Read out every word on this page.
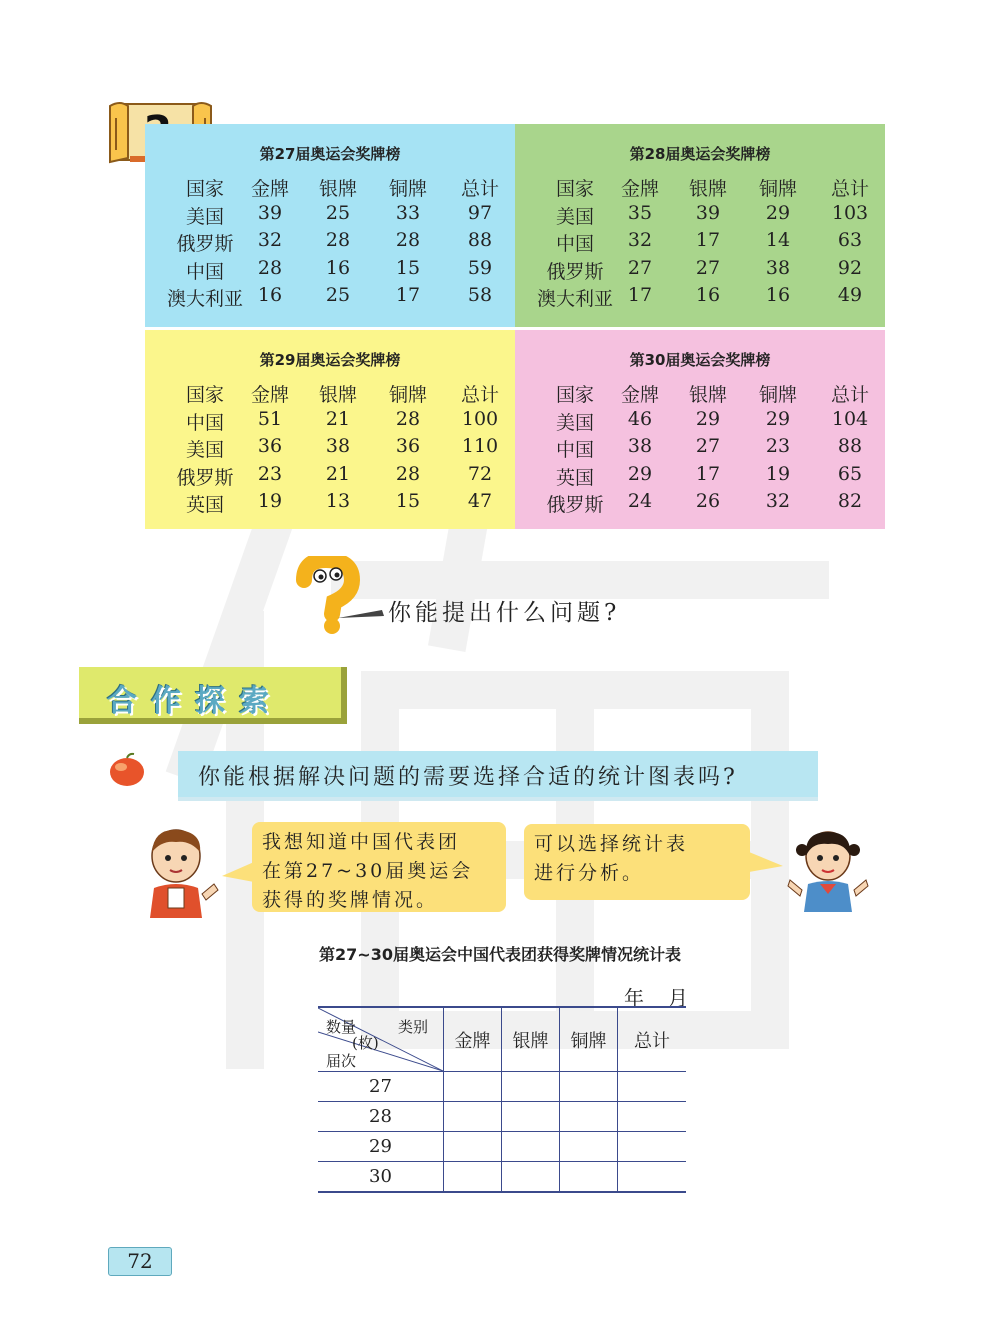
第27届奥运会奖牌榜
国家	金牌	银牌	铜牌	总计
美国	39	25	33	97
俄罗斯	32	28	28	88
中国	28	16	15	59
澳大利亚 16	25	17	58
第28届奥运会奖牌榜
国家	金牌	银牌	铜牌	总计
美国	35	39	29	103
中国	32	17	14	63
俄罗斯	27	27	38	92
澳大利亚 17	16	16	49
第29届奥运会奖牌榜
国家	金牌	银牌	铜牌	总计
中国	51	21	28	100
美国	36	38	36	110
俄罗斯	23	21	28	72
英国	19	13	15	47
第30届奥运会奖牌榜
国家	金牌	银牌	铜牌	总计
美国	46	29	29	104
中国	38	27	23	88
英国	29	17	19	65
俄罗斯	24	26	32	82
你能提出什么问题?
合作探索
你能根据解决问题的需要选择合适的统计图表吗?
我想知道中国代表团
在第27~30届奥运会
获得的奖牌情况。
可以选择统计表
进行分析。
第27~30届奥运会中国代表团获得奖牌情况统计表
年月
类别
数量
(枚)
届次	金牌	银牌	铜牌	总计
27				
28				
29				
30				
72
